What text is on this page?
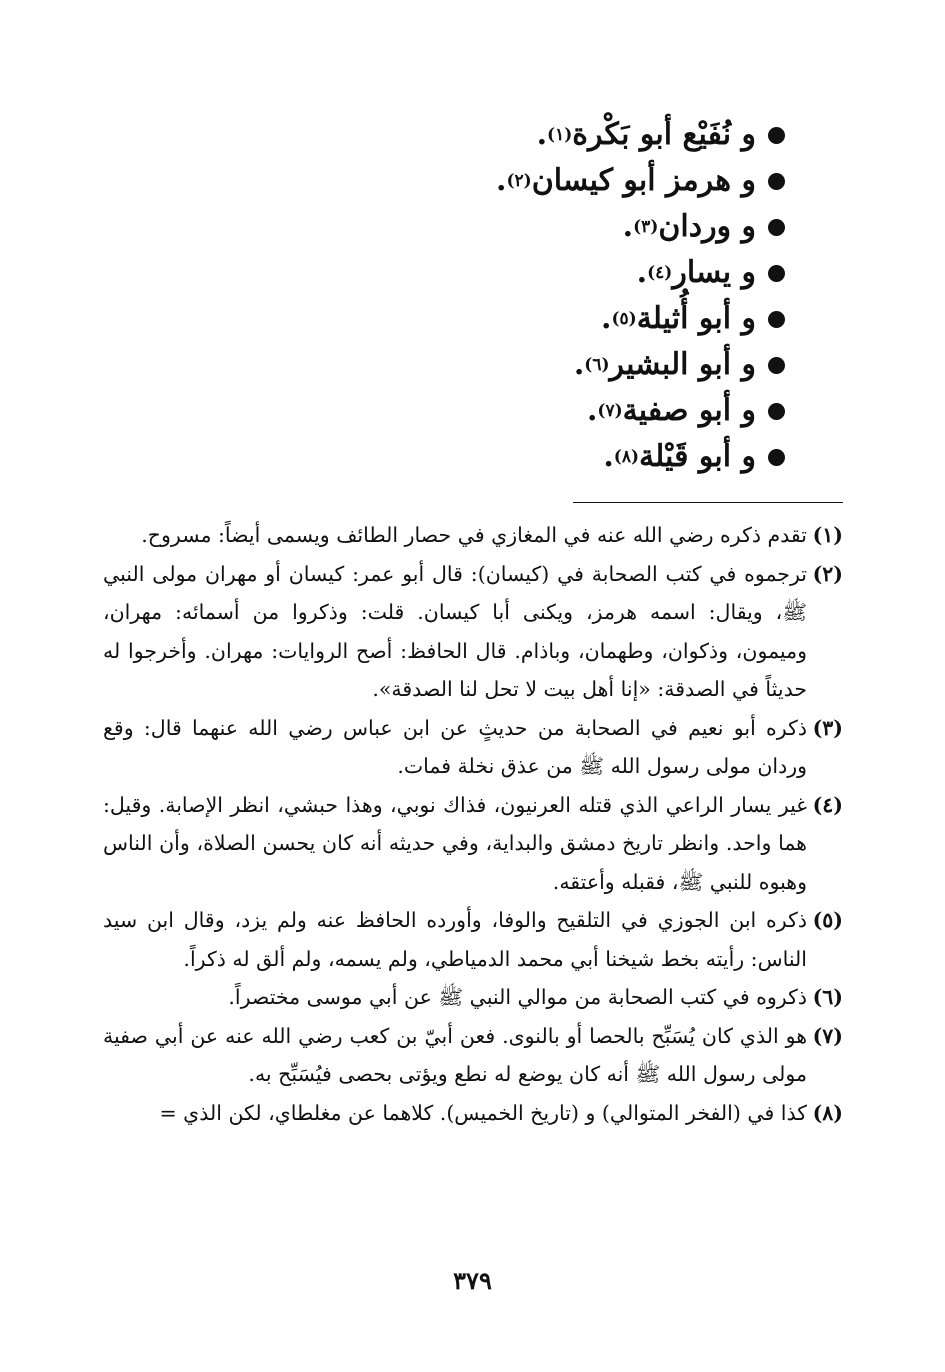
و نُفَيْع أبو بَكْرة
(١)
.
و هرمز أبو كيسان
(٢)
.
و وردان
(٣)
.
و يسار
(٤)
.
و أبو أُثيلة
(٥)
.
و أبو البشير
(٦)
.
و أبو صفية
(٧)
.
و أبو قَيْلة
(٨)
.
(١)
تقدم ذكره رضي الله عنه في المغازي في حصار الطائف ويسمى أيضاً: مسروح.
(٢)
ترجموه في كتب الصحابة في (كيسان): قال أبو عمر: كيسان أو مهران مولى النبي ﷺ، ويقال: اسمه هرمز، ويكنى أبا كيسان. قلت: وذكروا من أسمائه: مهران، وميمون، وذكوان، وطهمان، وباذام. قال الحافظ: أصح الروايات: مهران. وأخرجوا له حديثاً في الصدقة: «إنا أهل بيت لا تحل لنا الصدقة».
(٣)
ذكره أبو نعيم في الصحابة من حديثٍ عن ابن عباس رضي الله عنهما قال: وقع وردان مولى رسول الله ﷺ من عذق نخلة فمات.
(٤)
غير يسار الراعي الذي قتله العرنيون، فذاك نوبي، وهذا حبشي، انظر الإصابة. وقيل: هما واحد. وانظر تاريخ دمشق والبداية، وفي حديثه أنه كان يحسن الصلاة، وأن الناس وهبوه للنبي ﷺ، فقبله وأعتقه.
(٥)
ذكره ابن الجوزي في التلقيح والوفا، وأورده الحافظ عنه ولم يزد، وقال ابن سيد الناس: رأيته بخط شيخنا أبي محمد الدمياطي، ولم يسمه، ولم ألق له ذكراً.
(٦)
ذكروه في كتب الصحابة من موالي النبي ﷺ عن أبي موسى مختصراً.
(٧)
هو الذي كان يُسَبِّح بالحصا أو بالنوى. فعن أبيّ بن كعب رضي الله عنه عن أبي صفية مولى رسول الله ﷺ أنه كان يوضع له نطع ويؤتى بحصى فيُسَبِّح به.
(٨)
كذا في (الفخر المتوالي) و (تاريخ الخميس). كلاهما عن مغلطاي، لكن الذي =
٣٧٩
